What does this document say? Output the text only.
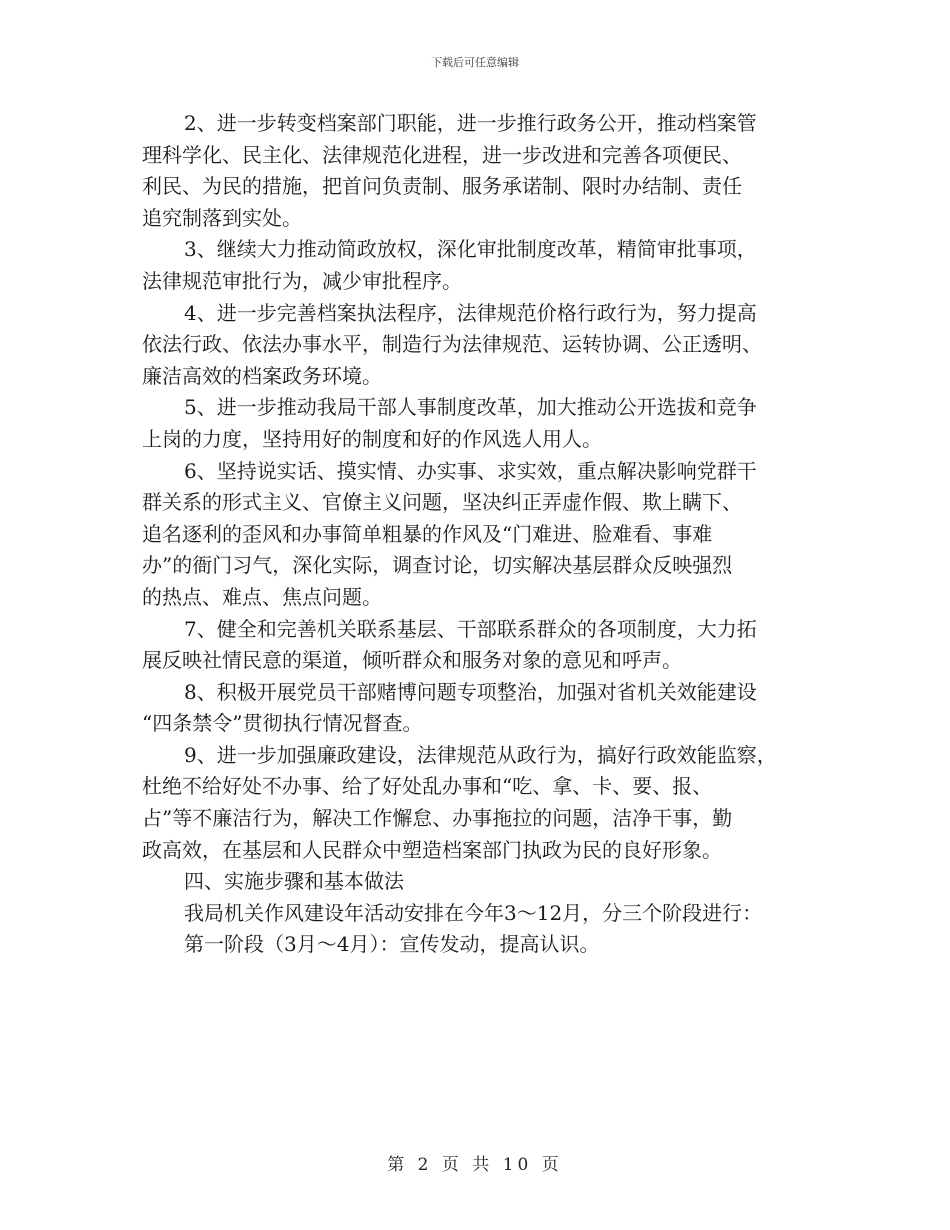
下载后可任意编辑
2、进一步转变档案部门职能，进一步推行政务公开，推动档案管
理科学化、民主化、法律规范化进程，进一步改进和完善各项便民、
利民、为民的措施，把首问负责制、服务承诺制、限时办结制、责任
追究制落到实处。
3、继续大力推动简政放权，深化审批制度改革，精简审批事项，
法律规范审批行为，减少审批程序。
4、进一步完善档案执法程序，法律规范价格行政行为，努力提高
依法行政、依法办事水平，制造行为法律规范、运转协调、公正透明、
廉洁高效的档案政务环境。
5、进一步推动我局干部人事制度改革，加大推动公开选拔和竞争
上岗的力度，坚持用好的制度和好的作风选人用人。
6、坚持说实话、摸实情、办实事、求实效，重点解决影响党群干
群关系的形式主义、官僚主义问题，坚决纠正弄虚作假、欺上瞒下、
追名逐利的歪风和办事简单粗暴的作风及“门难进、脸难看、事难
办”的衙门习气，深化实际，调查讨论，切实解决基层群众反映强烈
的热点、难点、焦点问题。
7、健全和完善机关联系基层、干部联系群众的各项制度，大力拓
展反映社情民意的渠道，倾听群众和服务对象的意见和呼声。
8、积极开展党员干部赌博问题专项整治，加强对省机关效能建设
“四条禁令”贯彻执行情况督查。
9、进一步加强廉政建设，法律规范从政行为，搞好行政效能监察，
杜绝不给好处不办事、给了好处乱办事和“吃、拿、卡、要、报、
占”等不廉洁行为，解决工作懈怠、办事拖拉的问题，洁净干事，勤
政高效，在基层和人民群众中塑造档案部门执政为民的良好形象。
四、实施步骤和基本做法
我局机关作风建设年活动安排在今年3～12月，分三个阶段进行：
第一阶段（3月～4月）：宣传发动，提高认识。
第 2 页 共 10 页
